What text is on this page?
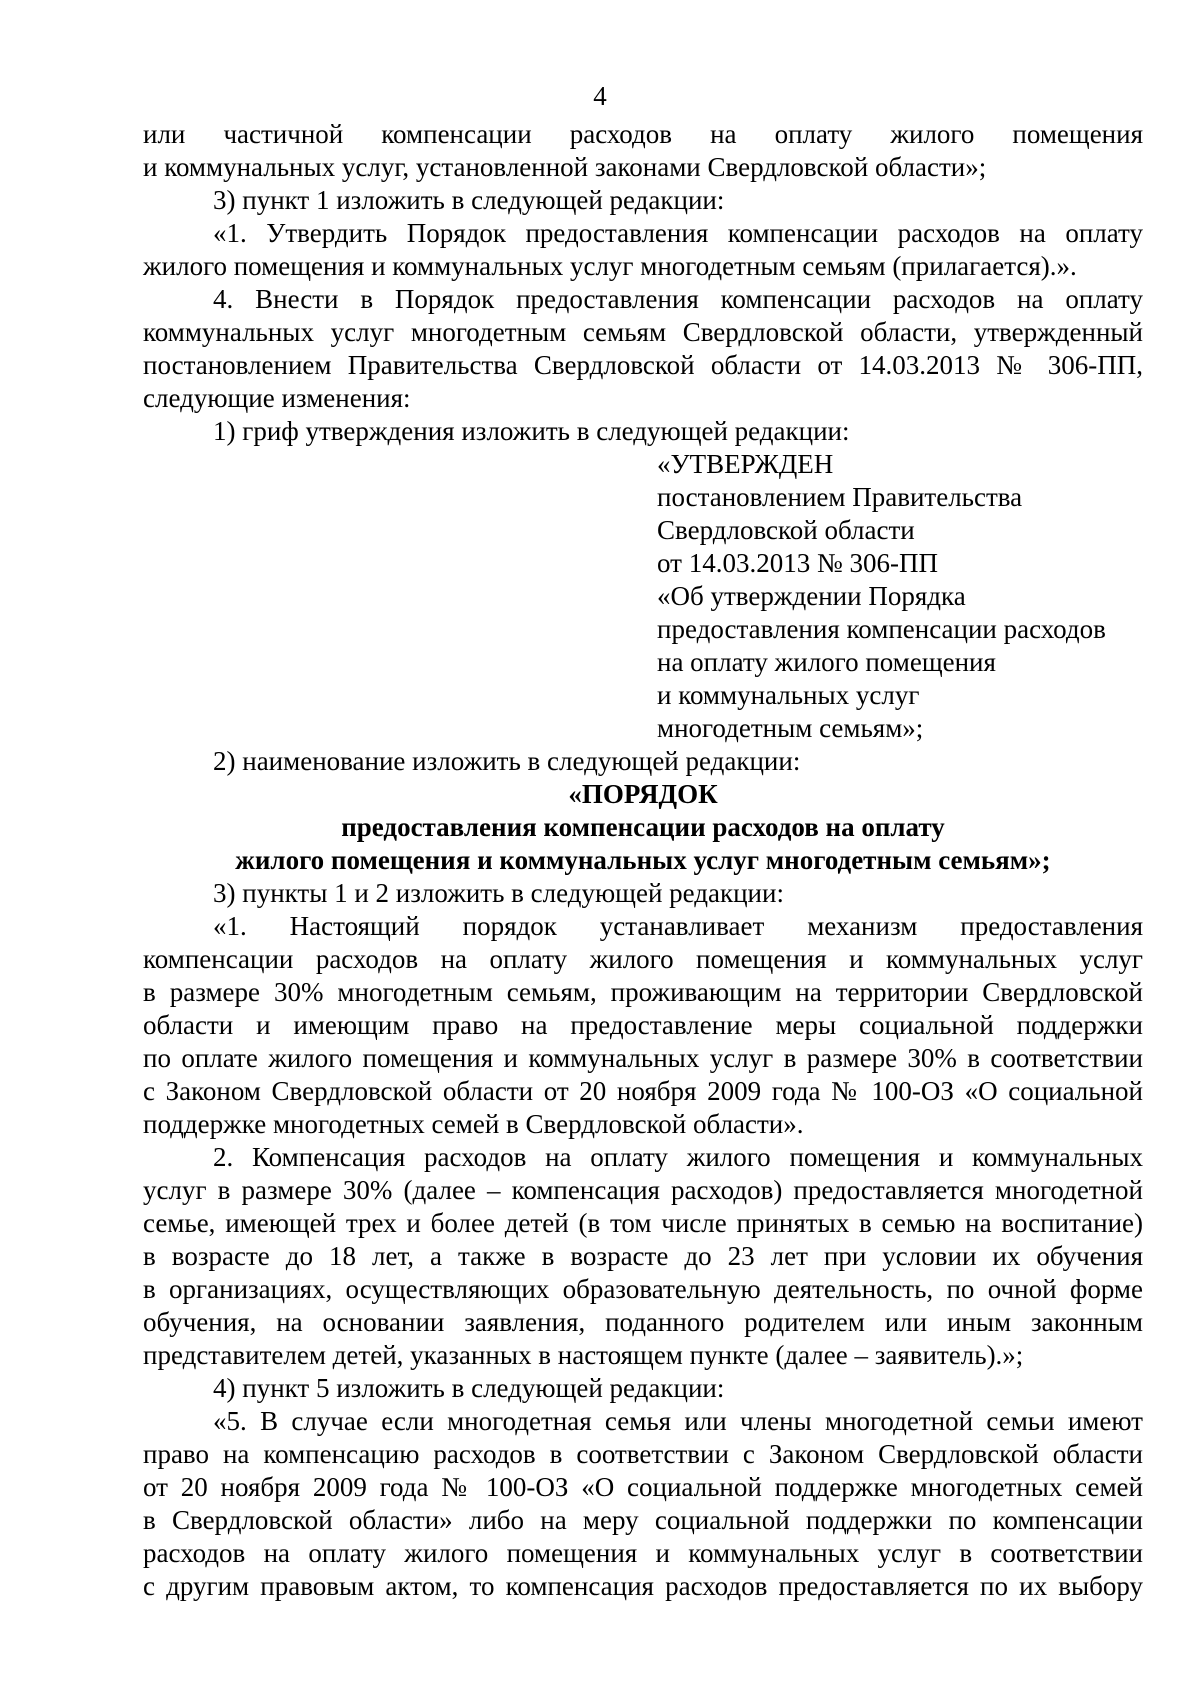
4

или частичной компенсации расходов на оплату жилого помещения

и коммунальных услуг, установленной законами Свердловской области»;

3) пункт 1 изложить в следующей редакции:

«1. Утвердить Порядок предоставления компенсации расходов на оплату

жилого помещения и коммунальных услуг многодетным семьям (прилагается).».

4. Внести в Порядок предоставления компенсации расходов на оплату

коммунальных услуг многодетным семьям Свердловской области, утвержденный

постановлением Правительства Свердловской области от 14.03.2013 № 306-ПП,

следующие изменения:

1) гриф утверждения изложить в следующей редакции:

«УТВЕРЖДЕН

постановлением Правительства

Свердловской области

от 14.03.2013 № 306-ПП

«Об утверждении Порядка

предоставления компенсации расходов

на оплату жилого помещения

и коммунальных услуг

многодетным семьям»;

2) наименование изложить в следующей редакции:

«ПОРЯДОК

предоставления компенсации расходов на оплату

жилого помещения и коммунальных услуг многодетным семьям»;

3) пункты 1 и 2 изложить в следующей редакции:

«1. Настоящий порядок устанавливает механизм предоставления

компенсации расходов на оплату жилого помещения и коммунальных услуг

в размере 30% многодетным семьям, проживающим на территории Свердловской

области и имеющим право на предоставление меры социальной поддержки

по оплате жилого помещения и коммунальных услуг в размере 30% в соответствии

с Законом Свердловской области от 20 ноября 2009 года № 100-ОЗ «О социальной

поддержке многодетных семей в Свердловской области».

2. Компенсация расходов на оплату жилого помещения и коммунальных

услуг в размере 30% (далее – компенсация расходов) предоставляется многодетной

семье, имеющей трех и более детей (в том числе принятых в семью на воспитание)

в возрасте до 18 лет, а также в возрасте до 23 лет при условии их обучения

в организациях, осуществляющих образовательную деятельность, по очной форме

обучения, на основании заявления, поданного родителем или иным законным

представителем детей, указанных в настоящем пункте (далее – заявитель).»;

4) пункт 5 изложить в следующей редакции:

«5. В случае если многодетная семья или члены многодетной семьи имеют

право на компенсацию расходов в соответствии с Законом Свердловской области

от 20 ноября 2009 года № 100-ОЗ «О социальной поддержке многодетных семей

в Свердловской области» либо на меру социальной поддержки по компенсации

расходов на оплату жилого помещения и коммунальных услуг в соответствии

с другим правовым актом, то компенсация расходов предоставляется по их выбору
